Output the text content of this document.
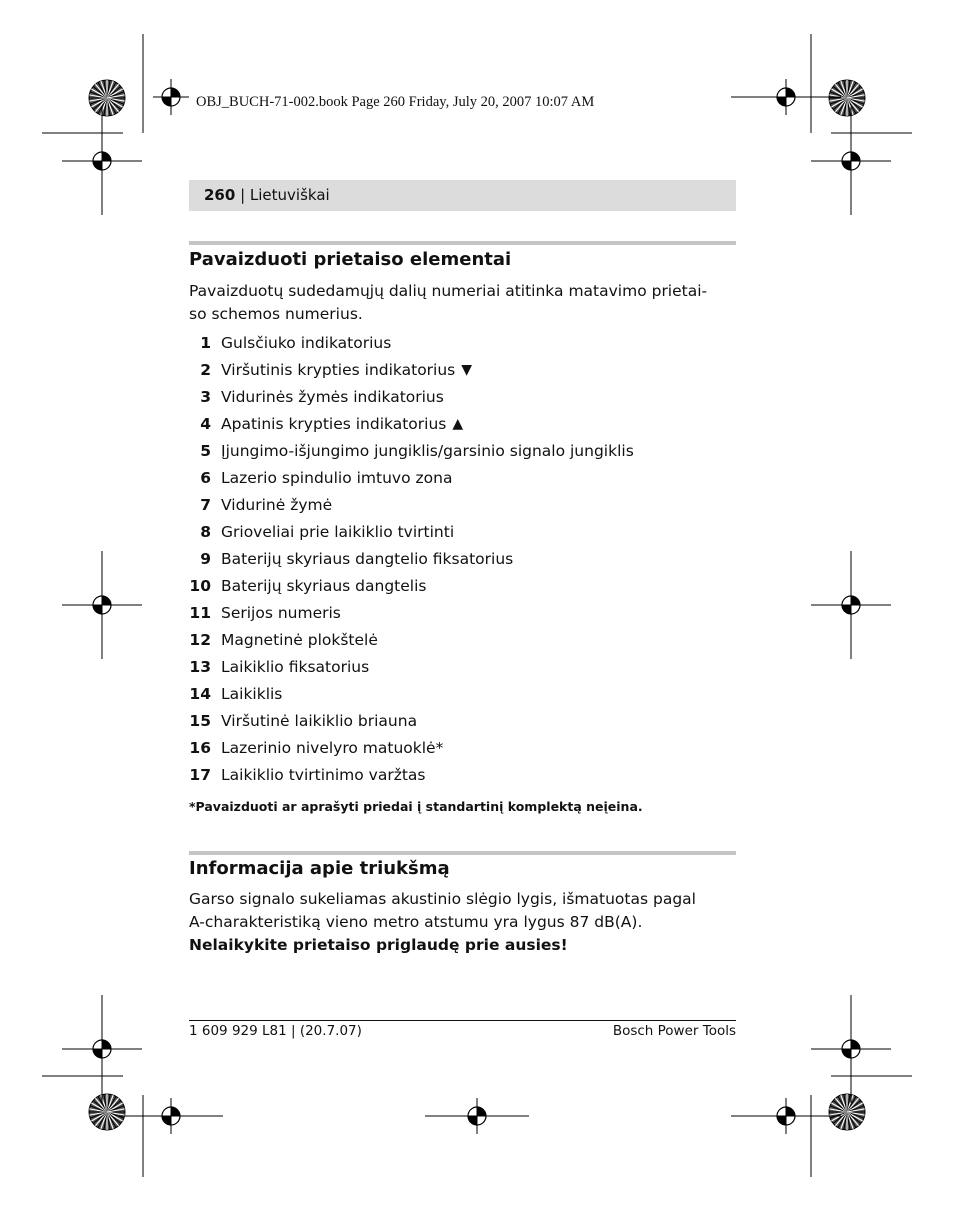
OBJ_BUCH-71-002.book Page 260 Friday, July 20, 2007 10:07 AM
260 | Lietuviškai
Pavaizduoti prietaiso elementai
Pavaizduotų sudedamųjų dalių numeriai atitinka matavimo prietai-
so schemos numerius.
1 Gulsčiuko indikatorius
2 Viršutinis krypties indikatorius ▼
3 Vidurinės žymės indikatorius
4 Apatinis krypties indikatorius ▲
5 Įjungimo-išjungimo jungiklis/garsinio signalo jungiklis
6 Lazerio spindulio imtuvo zona
7 Vidurinė žymė
8 Grioveliai prie laikiklio tvirtinti
9 Baterijų skyriaus dangtelio fiksatorius
10 Baterijų skyriaus dangtelis
11 Serijos numeris
12 Magnetinė plokštelė
13 Laikiklio fiksatorius
14 Laikiklis
15 Viršutinė laikiklio briauna
16 Lazerinio nivelyro matuoklė*
17 Laikiklio tvirtinimo varžtas
*Pavaizduoti ar aprašyti priedai į standartinį komplektą neįeina.
Informacija apie triukšmą
Garso signalo sukeliamas akustinio slėgio lygis, išmatuotas pagal
A-charakteristiką vieno metro atstumu yra lygus 87 dB(A).
Nelaikykite prietaiso priglaudę prie ausies!
1 609 929 L81 | (20.7.07)	Bosch Power Tools
